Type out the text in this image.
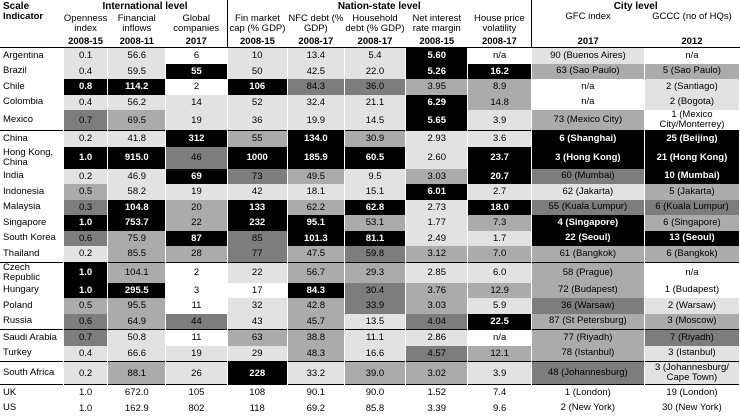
Scale	International level			Nation-state level					City level	
Indicator	Openness index	Financial inflows	Global companies	Fin market cap (% GDP)	NFC debt (% GDP)	Household debt (% GDP)	Net interest rate margin	House price volatility	GFC index	GCCC (no of HQs)
	2008-15	2008-11	2017	2008-15	2008-17	2008-17	2008-15	2008-17	2017	2012
Argentina	0.1	56.6	6	10	13.4	5.4	5.60	n/a	90 (Buenos Aires)	n/a
Brazil	0.4	59.5	55	50	42.5	22.0	5.26	16.2	63 (Sao Paulo)	5 (Sao Paulo)
Chile	0.8	114.2	2	106	84.3	36.0	3.95	8.9	n/a	2 (Santiago)
Colombia	0.4	56.2	14	52	32.4	21.1	6.29	14.8	n/a	2 (Bogota)
Mexico	0.7	69.5	19	36	19.9	14.5	5.65	3.9	73 (Mexico City)	1 (Mexico City/Monterrey)
China	0.2	41.8	312	55	134.0	30.9	2.93	3.6	6 (Shanghai)	25 (Beijing)
Hong Kong, China	1.0	915.0	46	1000	185.9	60.5	2.60	23.7	3 (Hong Kong)	21 (Hong Kong)
India	0.2	46.9	69	73	49.5	9.5	3.03	20.7	60 (Mumbai)	10 (Mumbai)
Indonesia	0.5	58.2	19	42	18.1	15.1	6.01	2.7	62 (Jakarta)	5 (Jakarta)
Malaysia	0.3	104.8	20	133	62.2	62.8	2.73	18.0	55 (Kuala Lumpur)	6 (Kuala Lumpur)
Singapore	1.0	753.7	22	232	95.1	53.1	1.77	7.3	4 (Singapore)	6 (Singapore)
South Korea	0.6	75.9	87	85	101.3	81.1	2.49	1.7	22 (Seoul)	13 (Seoul)
Thailand	0.2	85.5	28	77	47.5	59.8	3.12	7.0	61 (Bangkok)	6 (Bangkok)
Czech Republic	1.0	104.1	2	22	56.7	29.3	2.85	6.0	58 (Prague)	n/a
Hungary	1.0	295.5	3	17	84.3	30.4	3.76	12.9	72 (Budapest)	1 (Budapest)
Poland	0.5	95.5	11	32	42.8	33.9	3.03	5.9	36 (Warsaw)	2 (Warsaw)
Russia	0.6	64.9	44	43	45.7	13.5	4.04	22.5	87 (St Petersburg)	3 (Moscow)
Saudi Arabia	0.7	50.8	11	63	38.8	11.1	2.86	n/a	77 (Riyadh)	7 (Riyadh)
Turkey	0.4	66.6	19	29	48.3	16.6	4.57	12.1	78 (Istanbul)	3 (Istanbul)
South Africa	0.2	88.1	26	228	33.2	39.0	3.02	3.9	48 (Johannesburg)	3 (Johannesburg/ Cape Town)
UK	1.0	672.0	105	108	90.1	90.0	1.52	7.4	1 (London)	19 (London)
US	1.0	162.9	802	118	69.2	85.8	3.39	9.6	2 (New York)	30 (New York)
